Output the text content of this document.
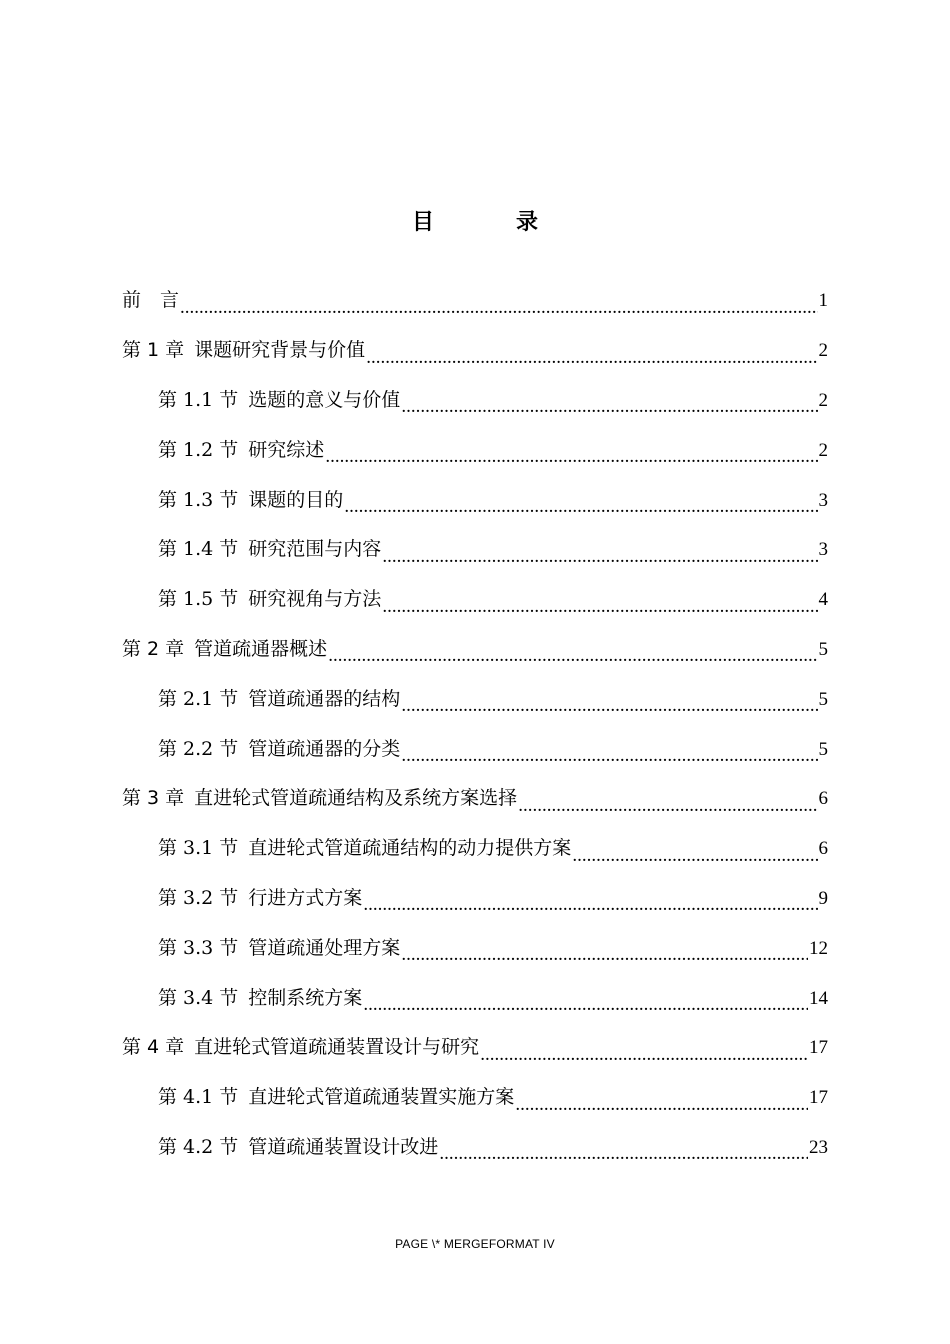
目　录
前　言 .....	1
第 1 章 课题研究背景与价值 .....	2
第 1.1 节 选题的意义与价值 .....	2
第 1.2 节 研究综述 .....	2
第 1.3 节 课题的目的 .....	3
第 1.4 节 研究范围与内容 .....	3
第 1.5 节 研究视角与方法 .....	4
第 2 章 管道疏通器概述 .....	5
第 2.1 节 管道疏通器的结构 .....	5
第 2.2 节 管道疏通器的分类 .....	5
第 3 章 直进轮式管道疏通结构及系统方案选择 .....	6
第 3.1 节 直进轮式管道疏通结构的动力提供方案 .....	6
第 3.2 节 行进方式方案 .....	9
第 3.3 节 管道疏通处理方案 .....	12
第 3.4 节 控制系统方案 .....	14
第 4 章 直进轮式管道疏通装置设计与研究 .....	17
第 4.1 节 直进轮式管道疏通装置实施方案 .....	17
第 4.2 节 管道疏通装置设计改进 .....	23
PAGE \* MERGEFORMAT IV
